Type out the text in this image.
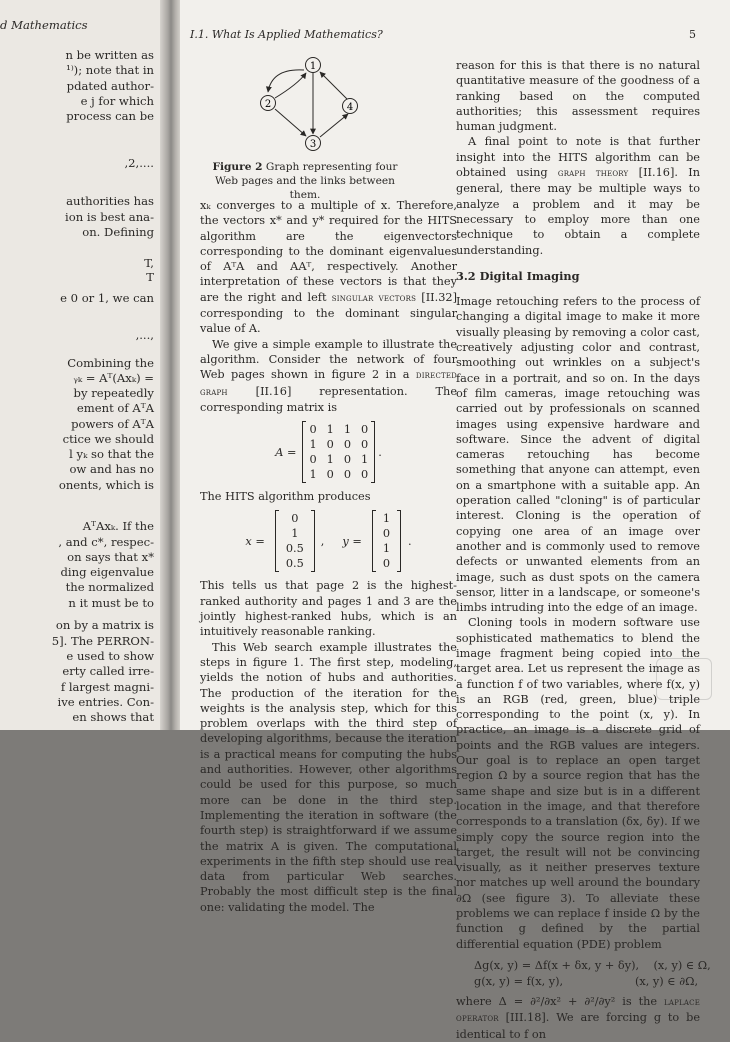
d Mathematics
n be written as
¹⁾); note that in
pdated author-
e j for which
process can be
,2,....
authorities has
ion is best ana-
on. Defining
T,
T
e 0 or 1, we can
,...,
Combining the
ᵧₖ = Aᵀ(Axₖ) =
by repeatedly
ement of AᵀA
powers of AᵀA
ctice we should
l yₖ so that the
ow and has no
onents, which is
AᵀAxₖ. If the
, and c*, respec-
on says that x*
ding eigenvalue
the normalized
n it must be to
on by a matrix is
5]. The PERRON-
e used to show
erty called irre-
f largest magni-
ive entries. Con-
en shows that
I.1. What Is Applied Mathematics?	5
1
2
3
4
Figure 2 Graph representing four Web pages and the links between them.

xₖ converges to a multiple of x. Therefore, the vectors x* and y* required for the HITS algorithm are the eigenvectors corresponding to the dominant eigenvalues of AᵀA and AAᵀ, respectively. Another interpretation of these vectors is that they are the right and left singular vectors [II.32] corresponding to the dominant singular value of A.

We give a simple example to illustrate the algorithm. Consider the network of four Web pages shown in figure 2 in a directed graph [II.16] representation. The corresponding matrix is

A =
0 1 1 0
1 0 0 0
0 1 0 1
1 0 0 0
.

The HITS algorithm produces

x =
0
1
0.5
0.5
, y =
1
0
1
0
.

This tells us that page 2 is the highest-ranked authority and pages 1 and 3 are the jointly highest-ranked hubs, which is an intuitively reasonable ranking.

This Web search example illustrates the steps in figure 1. The first step, modeling, yields the notion of hubs and authorities. The production of the iteration for the weights is the analysis step, which for this problem overlaps with the third step of developing algorithms, because the iteration is a practical means for computing the hubs and authorities. However, other algorithms could be used for this purpose, so much more can be done in the third step. Implementing the iteration in software (the fourth step) is straightforward if we assume the matrix A is given. The computational experiments in the fifth step should use real data from particular Web searches. Probably the most difficult step is the final one: validating the model. The

reason for this is that there is no natural quantitative measure of the goodness of a ranking based on the computed authorities; this assessment requires human judgment.

A final point to note is that further insight into the HITS algorithm can be obtained using graph theory [II.16]. In general, there may be multiple ways to analyze a problem and it may be necessary to employ more than one technique to obtain a complete understanding.

3.2 Digital Imaging

Image retouching refers to the process of changing a digital image to make it more visually pleasing by removing a color cast, creatively adjusting color and contrast, smoothing out wrinkles on a subject's face in a portrait, and so on. In the days of film cameras, image retouching was carried out by professionals on scanned images using expensive hardware and software. Since the advent of digital cameras retouching has become something that anyone can attempt, even on a smartphone with a suitable app. An operation called "cloning" is of particular interest. Cloning is the operation of copying one area of an image over another and is commonly used to remove defects or unwanted elements from an image, such as dust spots on the camera sensor, litter in a landscape, or someone's limbs intruding into the edge of an image.

Cloning tools in modern software use sophisticated mathematics to blend the image fragment being copied into the target area. Let us represent the image as a function f of two variables, where f(x, y) is an RGB (red, green, blue) triple corresponding to the point (x, y). In practice, an image is a discrete grid of points and the RGB values are integers. Our goal is to replace an open target region Ω by a source region that has the same shape and size but is in a different location in the image, and that therefore corresponds to a translation (δx, δy). If we simply copy the source region into the target, the result will not be convincing visually, as it neither preserves texture nor matches up well around the boundary ∂Ω (see figure 3). To alleviate these problems we can replace f inside Ω by the function g defined by the partial differential equation (PDE) problem

Δg(x, y) = Δf(x + δx, y + δy),    (x, y) ∈ Ω,
g(x, y) = f(x, y),                    (x, y) ∈ ∂Ω,

where Δ = ∂²/∂x² + ∂²/∂y² is the laplace operator [III.18]. We are forcing g to be identical to f on
